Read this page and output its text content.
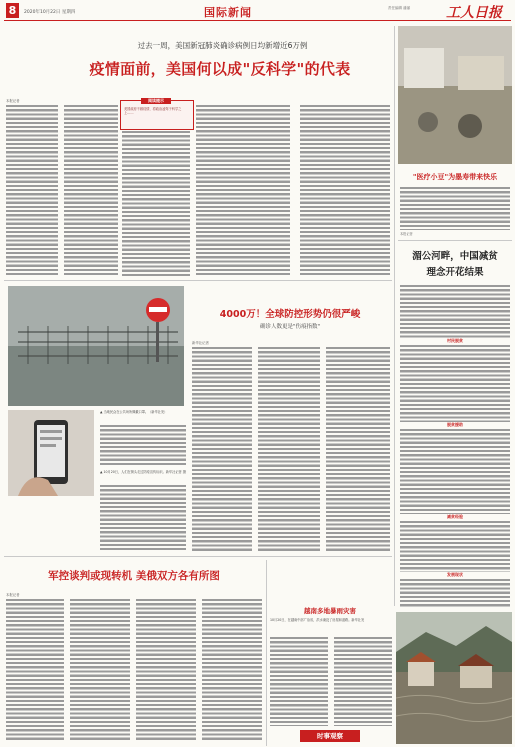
8	2020年10月22日 星期四	国际新闻	责任编辑 潘丽	工人日报
过去一周，美国新冠肺炎确诊病例日均新增近6万例
疫情面前，美国何以成"反科学"的代表
本报记者	阅读提示
美国政府不顾疫情，将政治凌驾于科学之上……
▲ 当地民众在公共场所佩戴口罩。（新华社发）
▲ 10月20日，人们在街头走过防疫宣传标识。新华社记者 摄
4000万！全球防控形势仍很严峻
确诊人数更是"伤痕指数"
新华社记者
"医疗小豆"为墨寿带来快乐
本报记者
湄公河畔，中国减贫
理念开花结果
村民脱贫
脱贫援助
减贫经验
发展现状
军控谈判或现转机 美俄双方各有所图
本报记者
越南多地暴雨灾害
10月20日，在越南中部广治省，洪水淹没了房屋和道路。新华社发
时事观察
